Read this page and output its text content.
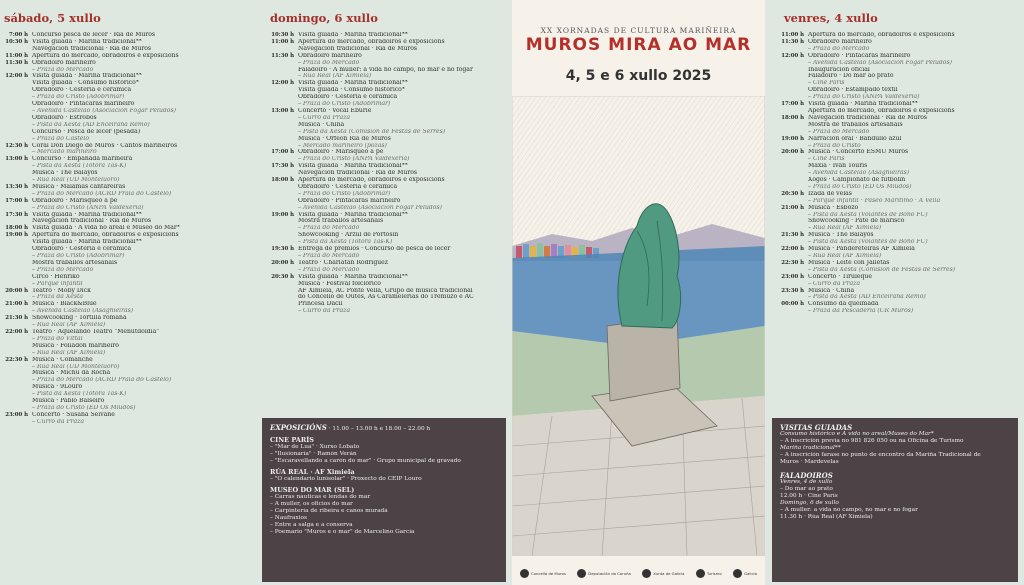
sábado, 5 xullo
7:00 h Concurso pesca de lecer · Ría de Muros
10:30 h Visita guiada · Mariña tradicional**
Navegación tradicional · Ría de Muros
11:00 h Apertura do mercado, obradoiros e exposicións
11:30 h Obradoiro mariñeiro
– Praza do Mercado
12:00 h Visita guiada · Mariña tradicional**
Visita guiada · Consumo histórico*
Obradoiro · Cestería e cerámica
– Praza do Cristo (Adobrimar)
Obradoiro · Pintacaras mariñeiro
– Avenida Castelao (Asociación Fogar Peludos)
Obradoiro · Estrobos
– Pista da Xesta (AD Enceirana Remo)
Concurso · Pesca de lecer (pesada)
– Praza do Castelo
12:30 h Coral Don Diego de Muros · Cantos mariñeiros
– Mercado mariñeiro
13:00 h Concurso · Empanada mariñeira
– Pista da Xesta (Totora Tas-K)
Música · The Balayos
– Rúa Real (UD Monteluoro)
13:30 h Música · Maiamas cantareiras
– Praza do Mercado (ACRD Praia do Castelo)
17:00 h Obradoiro · Marisqueo a pé
– Praza do Cristo (ANPA Valdexeria)
17:30 h Visita guiada · Mariña tradicional**
Navegación tradicional · Ría de Muros
18:00 h Visita guiada · A vida no areal e Museo do Mar*
19:00 h Apertura do mercado, obradoiros e exposicións
Visita guiada · Mariña tradicional**
Obradoiro · Cestería e cerámica
– Praza do Cristo (Adobrimar)
Mostra traballos artesanais
– Praza do Mercado
Circo · Henriko
– Parque infantil
20:00 h Teatro · Moby Dick
– Praza da Xesta
21:00 h Música · Black&Blue
– Avenida Castelao (Asaghieiras)
21:30 h Showcooking · Tortilla romana
– Rúa Real (AF Ximiela)
22:00 h Teatro · Aquelando Teatro "Menutdoldia"
– Praza do Vittal
Música · Foliadón mariñeiro
– Rúa Real (AF Ximiela)
22:30 h Música · Comanche
– Rúa Real (UD Monteluoro)
Música · Michu da Rocha
– Praza do Mercado (ACRD Praia do Castelo)
Música · 9Louro
– Pista da Xesta (Totora Tas-K)
Música · Pablo Balseiro
– Praza do Cristo (ED Os Miúdos)
23:00 h Concerto · Susana Seivane
– Curro da Praza
domingo, 6 xullo
10:30 h Visita guiada · Mariña tradicional**
11:00 h Apertura do mercado, obradoiros e exposicións
Navegación tradicional · Ría de Muros
11:30 h Obradoiro mariñeiro
– Praza do Mercado
Faladoiro · A muller: a vida no campo, no mar e no fogar
– Rúa Real (AF Ximiela)
12:00 h Visita guiada · Mariña tradicional**
Visita guiada · Consumo histórico*
Obradoiro · Cestería e cerámica
– Praza do Cristo (Adobrimar)
13:00 h Concerto · Vocal Eburie
– Curro da Praza
Música · Chiña
– Pista da Xesta (Comisión de Festas de Serres)
Música · Orfeón Ría de Muros
– Mercado mariñeiro (pozas)
17:00 h Obradoiro · Marisqueo a pé
– Praza do Cristo (ANPA Valdexeria)
17:30 h Visita guiada · Mariña tradicional**
Navegación tradicional · Ría de Muros
18:00 h Apertura do mercado, obradoiros e exposicións
Obradoiro · Cestería e cerámica
– Praza do Cristo (Adobrimar)
Obradoiro · Pintacaras mariñeiro
– Avenida Castelao (Asociación Fogar Peludos)
19:00 h Visita guiada · Mariña tradicional**
Mostra traballos artesanais
– Praza do Mercado
Showcooking · Arzul de Portosín
– Pista da Xesta (Totora Tas-K)
19:30 h Entrega de premios · Concurso de pesca de lecer
– Praza do Mercado
20:00 h Teatro · Charlatán Rodríguez
– Praza do Mercado
20:30 h Visita guiada · Mariña tradicional**
Música · Festival folclórico
AF Ximiela, AC Ponte Vella, Grupo de música tradicional
do Concello de Outes, As Caramelerías do Tremuzo e AC
Princesa Dácil
– Curro da Praza
EXPOSICIÓNS · 11.00 – 13.00 h e 18.00 – 22.00 h
CINE PARÍS
– "Mar de Lua" · Xurxo Lobato
– "Ilusionaría" · Ramón Verán
– "Escaravellando a carón do mar" · Grupo municipal de gravado
RÚA REAL · AF Ximiela
– "O calendario lunisolar" · Proxecto do CEIP Louro
MUSEO DO MAR (SEL)
– Carras náuticas e lendas do mar
– A muller, os oficios do mar
– Carpintería de ribeira e canos muradá
– Naufraxios
– Entre a salga e a conserva
– Poemario "Muros e o mar" de Marcelino García
XX XORNADAS DE CULTURA MARIÑEIRA
MUROS MIRA AO MAR
4, 5 e 6 xullo 2025
Concello de Muros	Deputación da Coruña	Xunta de Galicia	Turismo	Galicia
venres, 4 xullo
11:00 h Apertura do mercado, obradoiros e exposicións
11:30 h Obradoiro mariñeiro
– Praza do Mercado
12:00 h Obradoiro · Pintacaras mariñeiro
– Avenida Castelao (Asociación Fogar Peludos)
Inauguración oficial
Faladoiro · Do mar ao prato
– Cine París
Obradoiro · Estampado téxtil
– Praza do Cristo (ANPA Valdexeria)
17:00 h Visita guiada · Mariña tradicional**
Apertura do mercado, obradoiros e exposicións
18:00 h Navegación tradicional · Ría de Muros
Mostra de traballos artesanais
– Praza do Mercado
19:00 h Narración oral · Bandullo azul
– Praza do Cristo
20:00 h Música · Concerto ESMU Muros
– Cine París
Maxia · Iván Tourís
– Avenida Castelao (Asaghieiras)
Xogos · Campionato de futbolín
– Praza do Cristo (ED Os Miúdos)
20:30 h Izada de velas
– Parque infantil · Paseo Marítimo · A Vella
21:00 h Música · Esbozo
– Pista da Xesta (Volantes de Boño FC)
Showcooking · Paté de marisco
– Rúa Real (AF Ximiela)
21:30 h Música · The Balayos
– Pista da Xesta (Volantes de Boño FC)
22:00 h Música · Pandereteiras AF Ximiela
– Rúa Real (AF Ximiela)
22:30 h Música · Leite con Jalletas
– Pista da Xesta (Comisión de Festas de Serres)
23:00 h Concerto · Tiruleque
– Curro da Praza
23:30 h Música · Chiña
– Pista da Xesta (AD Enceirana Remo)
00:00 h Consumo da queimada
– Praza da Pescadería (CR Muros)
VISITAS GUIADAS
Consumo histórico e A vida no areal/Museo do Mar*
– A inscrición previa no 981 826 050 ou na Oficina de Turismo
Mariña tradicional**
– A inscrición farase no punto de encontro da Mariña Tradicional de
Muros · Mardevelas
FALADOIROS
Venres, 4 de xullo
– Do mar ao prato
12.00 h · Cine París
Domingo, 6 de xullo
– A muller: a vida no campo, no mar e no fogar
11.30 h · Rúa Real (AF Ximiela)
